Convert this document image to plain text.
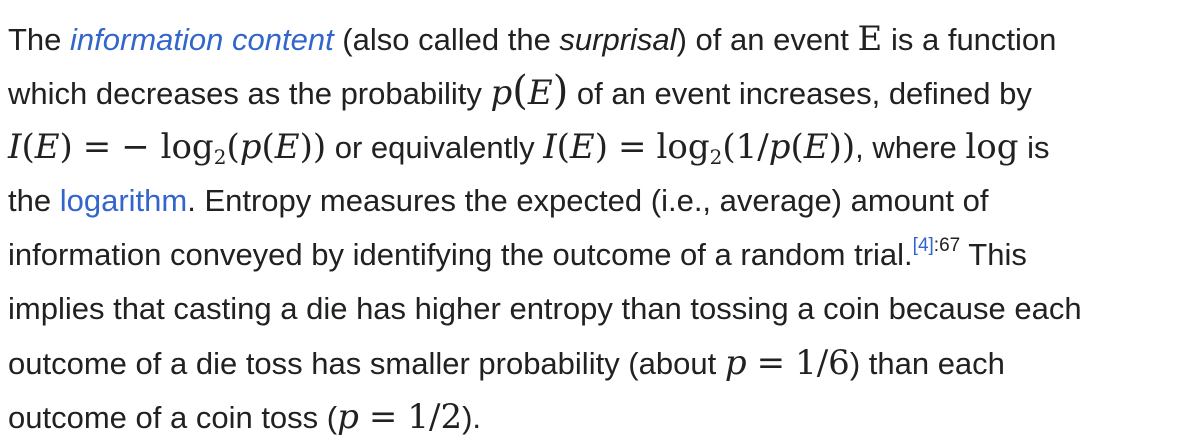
The information content (also called the surprisal) of an event E is a function
which decreases as the probability p(E) of an event increases, defined by
I(E) = − $\log_2(p(E))$ or equivalently $I(E) = \log_2(1/p(E))$, where log is
the logarithm. Entropy measures the expected (i.e., average) amount of
information conveyed by identifying the outcome of a random trial.$^{[4]:67}$ This
implies that casting a die has higher entropy than tossing a coin because each
outcome of a die toss has smaller probability (about p = 1/6) than each
outcome of a coin toss (p = 1/2).
